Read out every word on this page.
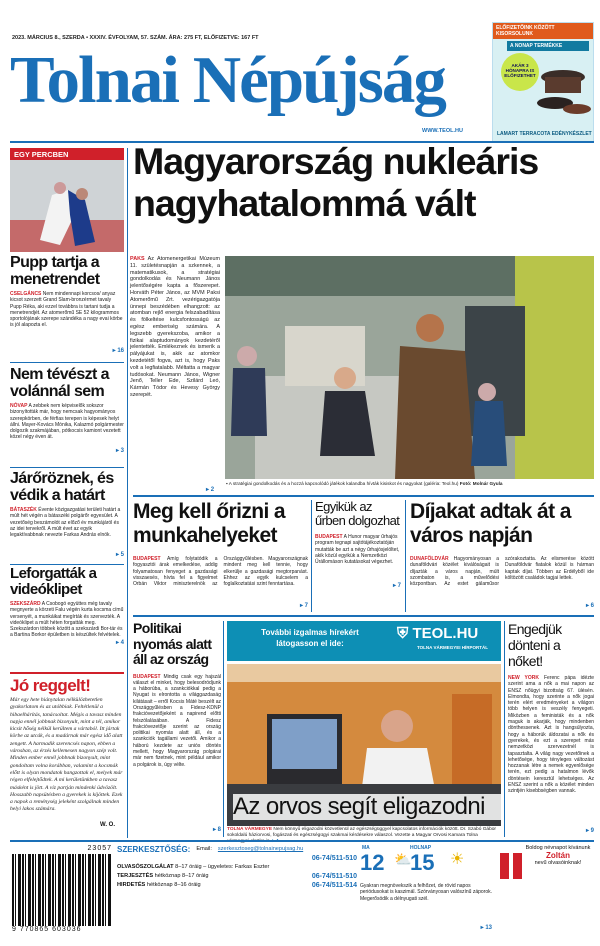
2023. MÁRCIUS 8., SZERDA • XXXIV. ÉVFOLYAM, 57. SZÁM. ÁRA: 275 FT, ELŐFIZETVE: 167 FT
Tolnai Népújság
WWW.TEOL.HU
ELŐFIZETŐINK KÖZÖTT KISORSOLUNK
A NONAP TERMÉKKE
AKÁR 3 HÓNAPRA IS ELŐFIZETHET
LAMART TERRACOTA EDÉNYKÉSZLET
EGY PERCBEN
Pupp tartja a menetrendet
CSELGÁNCS Nem mindennapi korcsos/ anyaz kicsot szerzett Grand Slam-bronzérmet tavaly Pupp Réka, aki ezzel továbbra is tartani tudja a menetrendjét. Az atomerőmű SE 52 kilogrammos sportolójának szerepe szándéka a nagy evai körbe is jól alapozta el.
▸ 16
Nem tévészt a volánnál sem
NÓVAP A zebbek nem képviselők sokszor bizonyították már, hogy nemcsak hagyományos szerepkörben, de férfias terepen is képesek helyt állni. Mayer-Kovács Mónika, Kalazmó polgármester dolgozik szakmájában, pótkocsis kamiont vezetett közel négy éven át.
▸ 3
Járőröznek, és védik a határt
BÁTASZÉK Évente közigazgatási területi határt a múlt hét végén a bátaszéki polgárőr egyesület. A vezetőség beszámolót az előző év munkájáról és az idei tervekről. A múlt évet az egyik legaktívabbnak nevezte Farkas András elnök.
▸ 5
Leforgatták a videóklipet
SZEKSZÁRD A Csobogó együttes még tavaly megnyerte a körzeti Falu végén kurta kocsma című versenyét, a munkáikat megírták és szervezték. A videóklipet a múlt héten forgatták meg. Szekszárdon többek között a szekszárdi Bor-tár és a Bartina Borkor épületben is készültek felvételek.
▸ 4
Jó reggelt!
Már egy hete hiánytalan nélkülözhetetlen gyakorlatom és az utóbbiak. Feltétlenül a hibaelhárítás, tanácsoltat. Mégis a tavasz minden napja ennél jobbnak bizonyult, mint a tél, amikor kicsit hőség nélkül kerültem a vártaból. Itt jártak körbe az utcák, és a madárnak már egész idő alatt zengett. A harmadik szerencsés napon, ebben a városban, az érzés kellemesen nagyon szép volt. Minden ember ennél jobbnak bizonyult, mint gondoltam volna korábban, valamint a kocsmák előtt is olyan mondatok hangzottak el, melyek már régen elfelejtődtek. A mi kerületünkben a tavasz másként is jött. A víz partján mindenki üdvözölt. Hosszabb napsütésben a gyerekek is kijöttek. Ezek a napok a reménység jeleként szolgálnak minden helyi lakos számára.
W. O.
Magyarország nukleáris nagyhatalommá vált
PAKS Az Atomenergetikai Múzeum 11. születésnapján a szkennek, a matematikusok, a stratégiai gondolkodás és Neumann János jelentőségére kapta a főszerepet. Horváth Péter János, az MVM Paksi Atomerőmű Zrt. vezérigazgatója ünnepi beszédében elhangzott: az atomban rejlő energia felszabadítása és fölkeltése kulcsfontosságú az egész emberiség számára. A legszebb gyerekszoba, amikor a fizikai alaptudományok kezdetéről jelentették. Emlékeznek és ismerik a pályájukat is, akik az atomkor kezdetétől fogva, azt is, hogy Paks volt a legfiatalabb. Méltatta a magyar tudósokat. Neumann János, Wigner Jenő, Teller Ede, Szilárd Leó, Kármán Tódor és Hevesy György szerepét.
▸ 2
▪ A stratégiai gondolkodás és a hozzá kapcsolódó játékok kalandba hívták kisiskot és nagyokat (galéria: Teol.hu) Fotó: Molnár Gyula
Meg kell őrizni a munkahelyeket
BUDAPEST Amíg folytatódik a fogyasztói árak emelkedése, addig folyamatosan fenyeget a gazdasági visszaesés, hívta fel a figyelmet Orbán Viktor miniszterelnök az Országgyűlésben. Magyarországnak mindent meg kell tennie, hogy elkerülje a gazdasági megtorpanást. Ehhez az egyik kulcselem a foglalkoztatási szint fenntartása.
▸ 7
Egyikük az űrben dolgozhat
BUDAPEST A Hunor magyar űrhajós program tegnapi sajtótájékoztatóján mutatták be azt a négy űrhajósjelöltet, akik közül egyikük a Nemzetközi Űrállomáson kutatásokat végezhet.
▸ 7
Díjakat adtak át a város napján
DUNAFÖLDVÁR Hagyományosan a dunaföldvári közélet kiválóságait is díjazták a város napján, múlt szombaton is, a művelődési központban. Az estet gálaműsor szórakoztatta. Az elismerése között Dunaföldvár fiatalok közül is hárman kaptak díjat. Többen az Erdélyből ide költözött családok tagjai lettek.
▸ 6
Politikai nyomás alatt áll az ország
BUDAPEST Mindig csak egy hajszál választ el minket, hogy belesodródjunk a háborúba, a szankciókkal pedig a Nyugat is elrontotta a világgazdaság kilátásait – erről Kocsis Máté beszélt az Országgyűlésben a Fidesz-KDNP frakcióvezetőjeként a napirend előtti felszólalásában. A Fidesz frakcióvezetője szerint az ország politikai nyomás alatt áll, és a szankciók tagállami vezetői. Amikor a háború kezdete az uniós döntés mellett, hogy Magyarország polgárai már nem fizetnek, mint például amikor a polgárok is, úgy vélte.
▸ 8
További izgalmas hírekért
látogasson el ide:
⛨ TEOL.HU
TOLNA VÁRMEGYEI HÍRPORTÁL
Az orvos segít eligazodni
TOLNA VÁRMEGYE Nem könnyű eligazodni közvetlenül az egészségüggyel kapcsolatos információk között. Dr. Szabó Gábor sokoldalú háziorvosi, fogászati és egészségügyi szakmai kérdésekre válaszol. Vezette a Magyar Orvosi Kamara Tolna
Engedjük dönteni a nőket!
NEW YORK Ferenc pápa idézte szerint ama a nők a mai napon az ENSZ nőügyi bizottság 67. ülésén. Elmondta, hogy szerinte a nők jogai terén elért eredményeket a világon több helyen is veszély fenyegeti. Miközben a feministák és a nők maguk is akarják, hogy mindenben dönthessenek. Azt is hangsúlyozta, hogy a háborúk áldozatai a nők és gyerekek, és ezt a szerepet más nemzetközi szervezetnél is tapasztalta. A világ nagy vezetőinek a lehetősége, hogy tényleges változást hozzanak létre a nemek egyenlősége terén, ezt pedig a hatalmon lévők döntésein keresztül lehetséges. Az ENSZ szerint a nők a közélet minden szintjén kisebbségben vannak.
▸ 9
23057
9 770865 603036
SZERKESZTŐSÉG: Email: szerkesztoseg@tolnainepujsag.hu
06-74/511-510
OLVASÓSZOLGÁLAT 8–17 óráig – ügyeletes: Farkas Eszter
TERJESZTÉS hétköznap 8–17 óráig	06-74/511-510
HIRDETÉS hétköznap 8–16 óráig	06-74/511-514
MA
12
HOLNAP
15
⛅ ☀
Gyakran megnövekszik a felhőzet, de rövid napos periódusokat is kaszimál. Szórványosan valószínű záporok. Megerősödik a délnyugati szél.
▸ 13
Boldog névnapot kívánunk
Zoltán
nevű olvasóinknak!
